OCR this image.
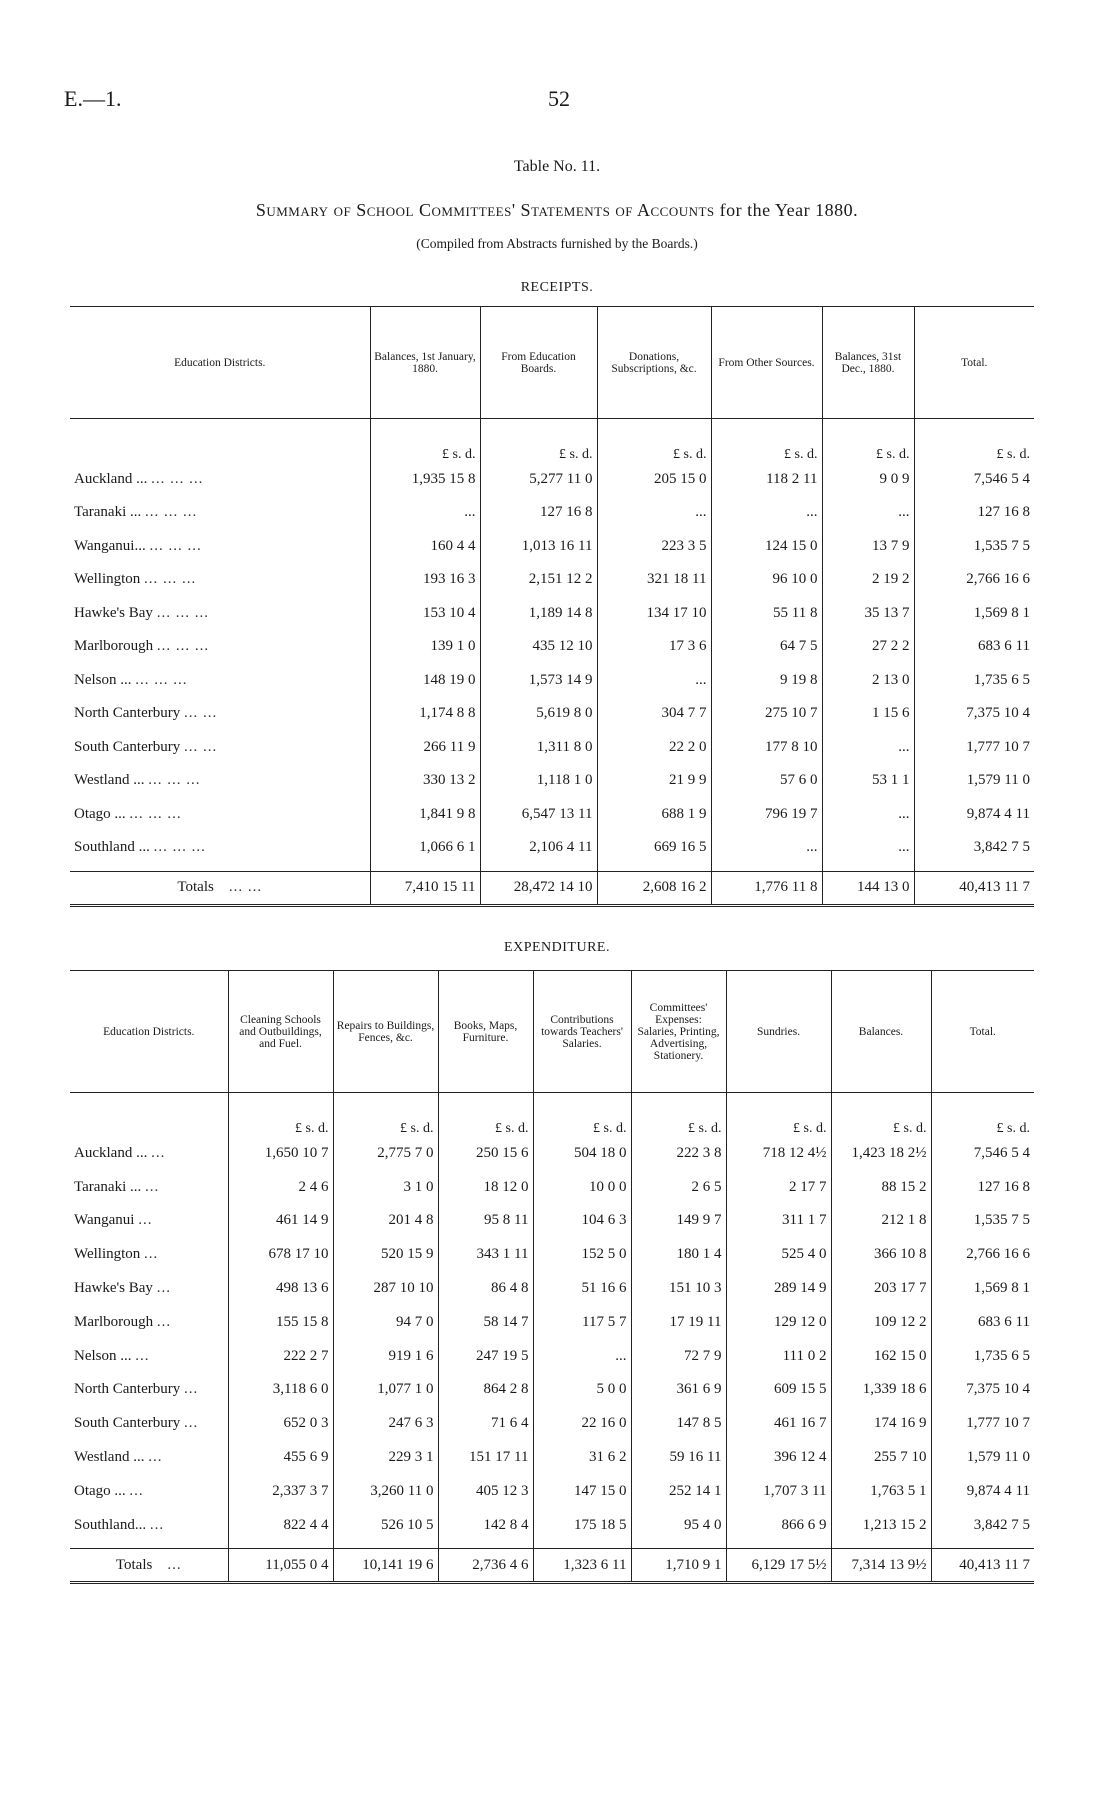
E.—1.	52
Table No. 11.
Summary of School Committees' Statements of Accounts for the Year 1880.
(Compiled from Abstracts furnished by the Boards.)
RECEIPTS.
Education Districts.	Balances, 1st January, 1880.	From Education Boards.	Donations, Subscriptions, &c.	From Other Sources.	Balances, 31st Dec., 1880.	Total.
	£ s. d.	£ s. d.	£ s. d.	£ s. d.	£ s. d.	£ s. d.
Auckland ... ... ... ...	1,935 15 8	5,277 11 0	205 15 0	118 2 11	9 0 9	7,546 5 4
Taranaki ... ... ... ...	...	127 16 8	...	...	...	127 16 8
Wanganui... ... ... ...	160 4 4	1,013 16 11	223 3 5	124 15 0	13 7 9	1,535 7 5
Wellington ... ... ...	193 16 3	2,151 12 2	321 18 11	96 10 0	2 19 2	2,766 16 6
Hawke's Bay ... ... ...	153 10 4	1,189 14 8	134 17 10	55 11 8	35 13 7	1,569 8 1
Marlborough ... ... ...	139 1 0	435 12 10	17 3 6	64 7 5	27 2 2	683 6 11
Nelson ... ... ... ...	148 19 0	1,573 14 9	...	9 19 8	2 13 0	1,735 6 5
North Canterbury ... ...	1,174 8 8	5,619 8 0	304 7 7	275 10 7	1 15 6	7,375 10 4
South Canterbury ... ...	266 11 9	1,311 8 0	22 2 0	177 8 10	...	1,777 10 7
Westland ... ... ... ...	330 13 2	1,118 1 0	21 9 9	57 6 0	53 1 1	1,579 11 0
Otago ... ... ... ...	1,841 9 8	6,547 13 11	688 1 9	796 19 7	...	9,874 4 11
Southland ... ... ... ...	1,066 6 1	2,106 4 11	669 16 5	...	...	3,842 7 5

Totals ... ...	7,410 15 11	28,472 14 10	2,608 16 2	1,776 11 8	144 13 0	40,413 11 7
EXPENDITURE.
Education Districts.	Cleaning Schools and Outbuildings, and Fuel.	Repairs to Buildings, Fences, &c.	Books, Maps, Furniture.	Contributions towards Teachers' Salaries.	Committees' Expenses: Salaries, Printing, Advertising, Stationery.	Sundries.	Balances.	Total.
	£ s. d.	£ s. d.	£ s. d.	£ s. d.	£ s. d.	£ s. d.	£ s. d.	£ s. d.
Auckland ... ...	1,650 10 7	2,775 7 0	250 15 6	504 18 0	222 3 8	718 12 4½	1,423 18 2½	7,546 5 4
Taranaki ... ...	2 4 6	3 1 0	18 12 0	10 0 0	2 6 5	2 17 7	88 15 2	127 16 8
Wanganui ...	461 14 9	201 4 8	95 8 11	104 6 3	149 9 7	311 1 7	212 1 8	1,535 7 5
Wellington ...	678 17 10	520 15 9	343 1 11	152 5 0	180 1 4	525 4 0	366 10 8	2,766 16 6
Hawke's Bay ...	498 13 6	287 10 10	86 4 8	51 16 6	151 10 3	289 14 9	203 17 7	1,569 8 1
Marlborough ...	155 15 8	94 7 0	58 14 7	117 5 7	17 19 11	129 12 0	109 12 2	683 6 11
Nelson ... ...	222 2 7	919 1 6	247 19 5	...	72 7 9	111 0 2	162 15 0	1,735 6 5
North Canterbury ...	3,118 6 0	1,077 1 0	864 2 8	5 0 0	361 6 9	609 15 5	1,339 18 6	7,375 10 4
South Canterbury ...	652 0 3	247 6 3	71 6 4	22 16 0	147 8 5	461 16 7	174 16 9	1,777 10 7
Westland ... ...	455 6 9	229 3 1	151 17 11	31 6 2	59 16 11	396 12 4	255 7 10	1,579 11 0
Otago ... ...	2,337 3 7	3,260 11 0	405 12 3	147 15 0	252 14 1	1,707 3 11	1,763 5 1	9,874 4 11
Southland... ...	822 4 4	526 10 5	142 8 4	175 18 5	95 4 0	866 6 9	1,213 15 2	3,842 7 5

Totals ...	11,055 0 4	10,141 19 6	2,736 4 6	1,323 6 11	1,710 9 1	6,129 17 5½	7,314 13 9½	40,413 11 7
